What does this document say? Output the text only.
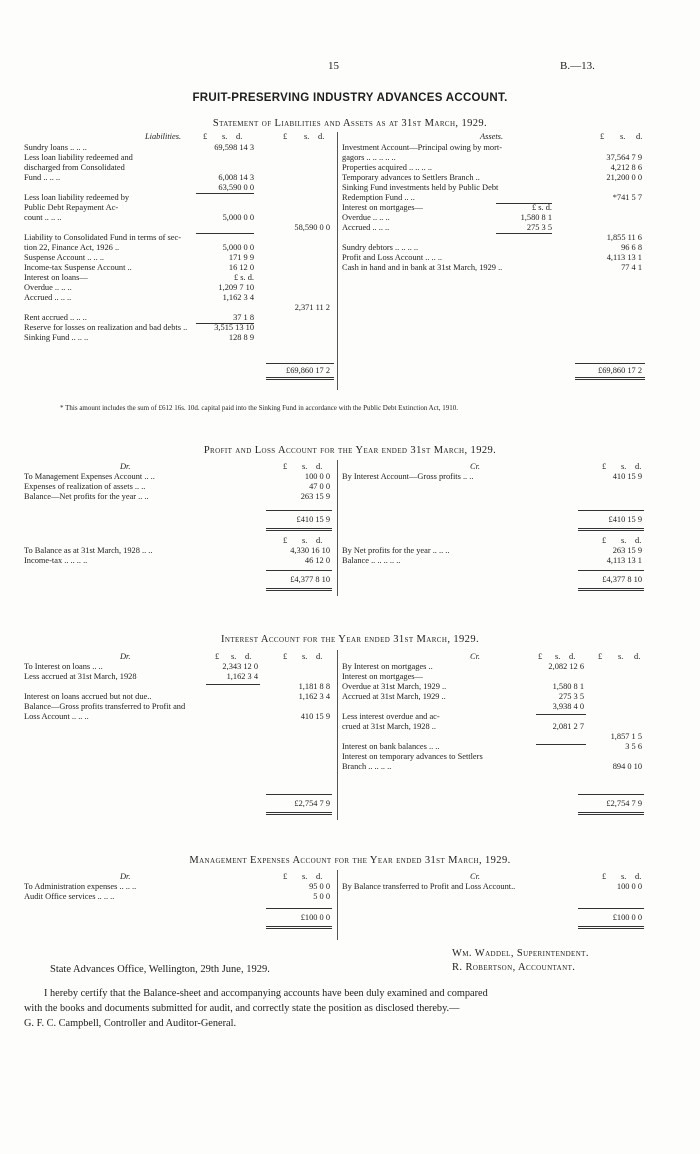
15	B.—13.
FRUIT-PRESERVING INDUSTRY ADVANCES ACCOUNT.
Statement of Liabilities and Assets as at 31st March, 1929.
Liabilities.	£ s. d.	£ s. d.	Assets.	£ s. d.
Sundry loans .. .. ..	69,598 14 3
Less loan liability redeemed and
discharged from Consolidated
Fund .. .. ..	6,008 14 3
63,590 0 0
Less loan liability redeemed by
Public Debt Repayment Ac-
count .. .. ..	5,000 0 0
58,590 0 0
Liability to Consolidated Fund in terms of sec-
tion 22, Finance Act, 1926 ..	5,000 0 0
Suspense Account .. .. ..	171 9 9
Income-tax Suspense Account ..	16 12 0
Interest on loans—	£ s. d.
Overdue .. .. ..	1,209 7 10
Accrued .. .. ..	1,162 3 4
2,371 11 2
Rent accrued .. .. ..	37 1 8
Reserve for losses on realization and bad debts ..	3,515 13 10
Sinking Fund .. .. ..	128 8 9
Investment Account—Principal owing by mort-
gagors .. .. .. .. ..	37,564 7 9
Properties acquired .. .. .. ..	4,212 8 6
Temporary advances to Settlers Branch ..	21,200 0 0
Sinking Fund investments held by Public Debt
Redemption Fund .. ..	*741 5 7
Interest on mortgages—	£ s. d.
Overdue .. .. ..	1,580 8 1
Accrued .. .. ..	275 3 5
1,855 11 6
Sundry debtors .. .. .. ..	96 6 8
Profit and Loss Account .. .. ..	4,113 13 1
Cash in hand and in bank at 31st March, 1929 ..	77 4 1
£69,860 17 2	£69,860 17 2
* This amount includes the sum of £612 16s. 10d. capital paid into the Sinking Fund in accordance with the Public Debt Extinction Act, 1910.
Profit and Loss Account for the Year ended 31st March, 1929.
Dr.	Cr.
£ s. d.	£ s. d.
To Management Expenses Account .. ..	100 0 0
Expenses of realization of assets .. ..	47 0 0
Balance—Net profits for the year .. ..	263 15 9
By Interest Account—Gross profits .. ..	410 15 9
£410 15 9	£410 15 9
£ s. d.	£ s. d.
To Balance as at 31st March, 1928 .. ..	4,330 16 10
Income-tax .. .. .. ..	46 12 0
By Net profits for the year .. .. ..	263 15 9
Balance .. .. .. .. ..	4,113 13 1
£4,377 8 10	£4,377 8 10
Interest Account for the Year ended 31st March, 1929.
Dr.	Cr.
£ s. d.	£ s. d.	£ s. d.	£ s. d.
To Interest on loans .. ..	2,343 12 0
Less accrued at 31st March, 1928	1,162 3 4
1,181 8 8
Interest on loans accrued but not due..	1,162 3 4
Balance—Gross profits transferred to Profit and
Loss Account .. .. ..	410 15 9
By Interest on mortgages ..	2,082 12 6
Interest on mortgages—
Overdue at 31st March, 1929 ..	1,580 8 1
Accrued at 31st March, 1929 ..	275 3 5
3,938 4 0
Less interest overdue and ac-
crued at 31st March, 1928 ..	2,081 2 7
1,857 1 5
Interest on bank balances .. ..	3 5 6
Interest on temporary advances to Settlers
Branch .. .. .. ..	894 0 10
£2,754 7 9	£2,754 7 9
Management Expenses Account for the Year ended 31st March, 1929.
Dr.	Cr.
£ s. d.	£ s. d.
To Administration expenses .. .. ..	95 0 0
Audit Office services .. .. ..	5 0 0
By Balance transferred to Profit and Loss Account..	100 0 0
£100 0 0	£100 0 0
Wm. Waddel, Superintendent.
R. Robertson, Accountant.
State Advances Office, Wellington, 29th June, 1929.
I hereby certify that the Balance-sheet and accompanying accounts have been duly examined and compared
with the books and documents submitted for audit, and correctly state the position as disclosed thereby.—
G. F. C. Campbell, Controller and Auditor-General.
